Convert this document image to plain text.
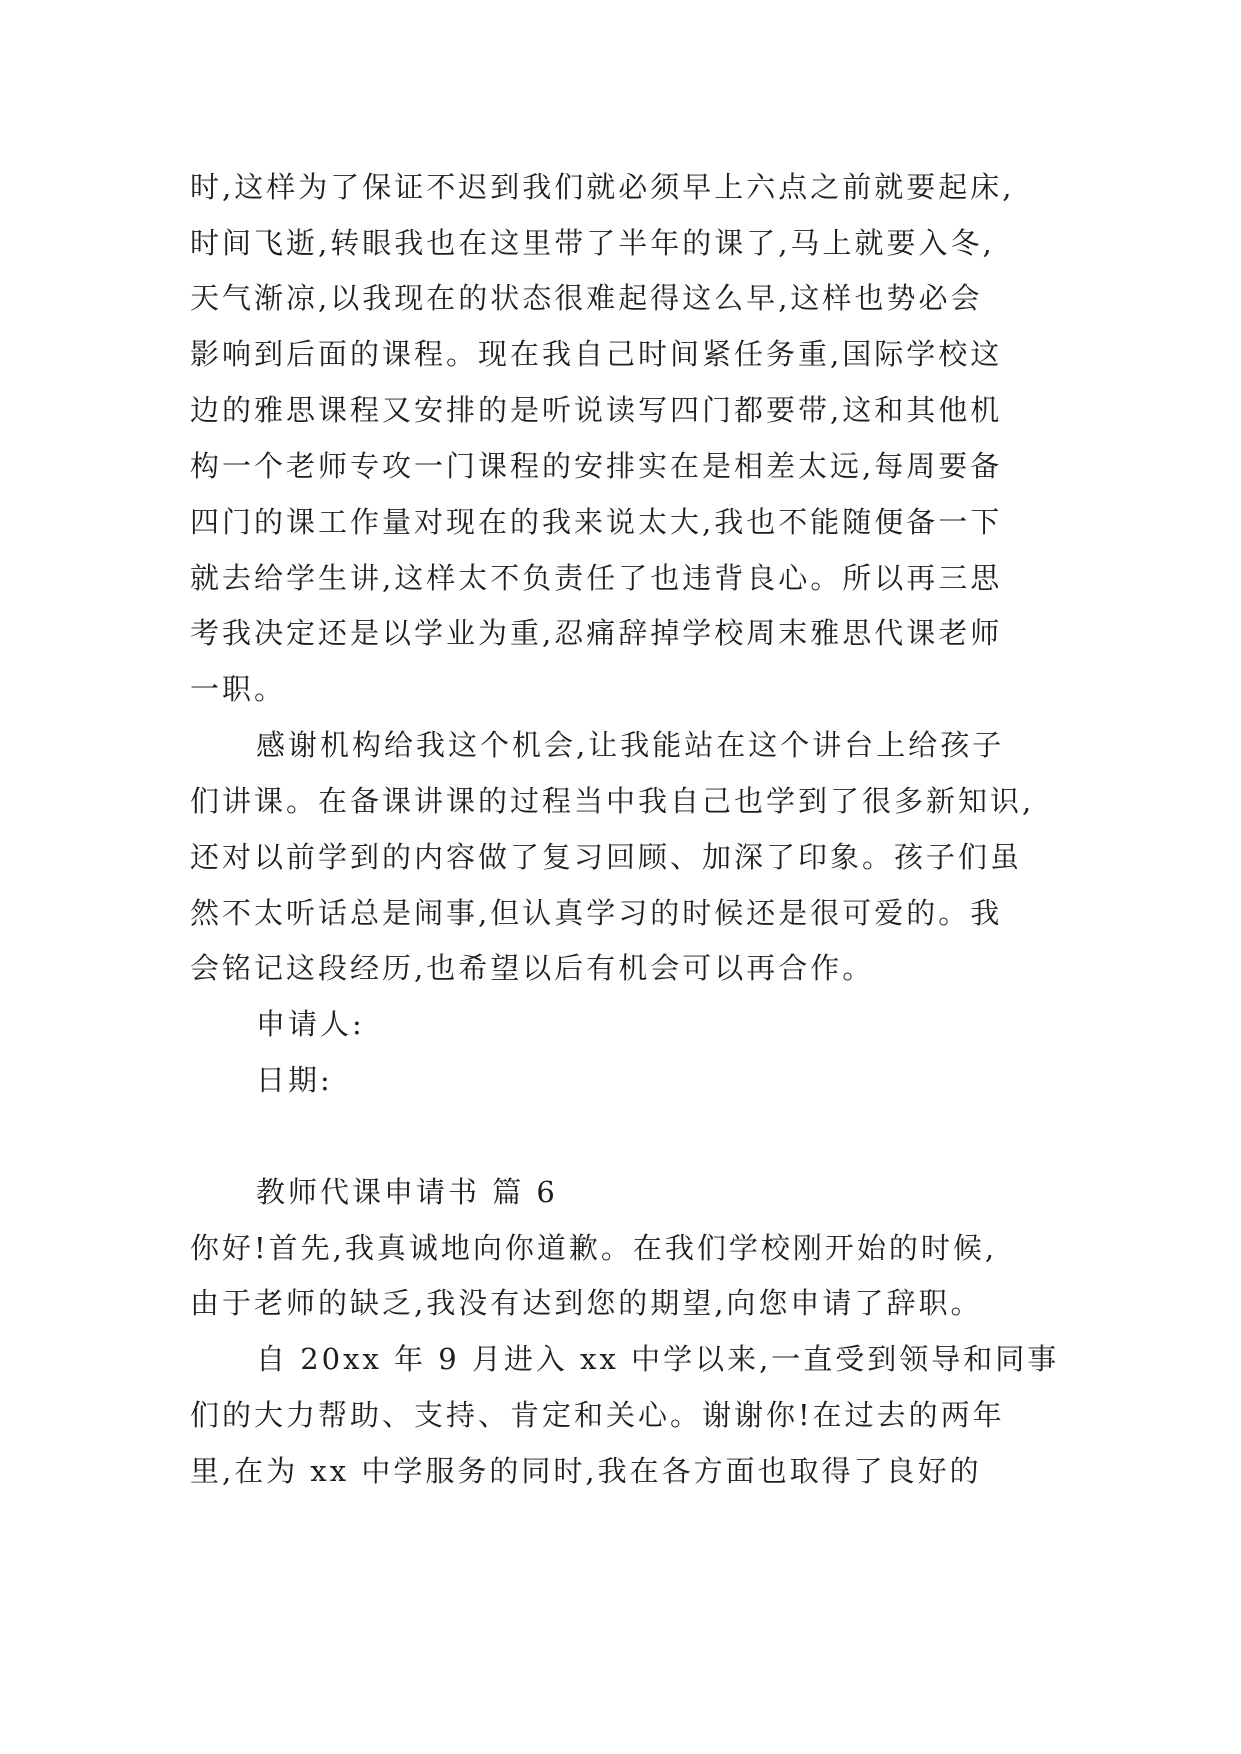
时,这样为了保证不迟到我们就必须早上六点之前就要起床,
时间飞逝,转眼我也在这里带了半年的课了,马上就要入冬,
天气渐凉,以我现在的状态很难起得这么早,这样也势必会
影响到后面的课程。现在我自己时间紧任务重,国际学校这
边的雅思课程又安排的是听说读写四门都要带,这和其他机
构一个老师专攻一门课程的安排实在是相差太远,每周要备
四门的课工作量对现在的我来说太大,我也不能随便备一下
就去给学生讲,这样太不负责任了也违背良心。所以再三思
考我决定还是以学业为重,忍痛辞掉学校周末雅思代课老师
一职。
感谢机构给我这个机会,让我能站在这个讲台上给孩子
们讲课。在备课讲课的过程当中我自己也学到了很多新知识,
还对以前学到的内容做了复习回顾、加深了印象。孩子们虽
然不太听话总是闹事,但认真学习的时候还是很可爱的。我
会铭记这段经历,也希望以后有机会可以再合作。
申请人:
日期:
教师代课申请书 篇 6
你好!首先,我真诚地向你道歉。在我们学校刚开始的时候,
由于老师的缺乏,我没有达到您的期望,向您申请了辞职。
自 20xx 年 9 月进入 xx 中学以来,一直受到领导和同事
们的大力帮助、支持、肯定和关心。谢谢你!在过去的两年
里,在为 xx 中学服务的同时,我在各方面也取得了良好的
